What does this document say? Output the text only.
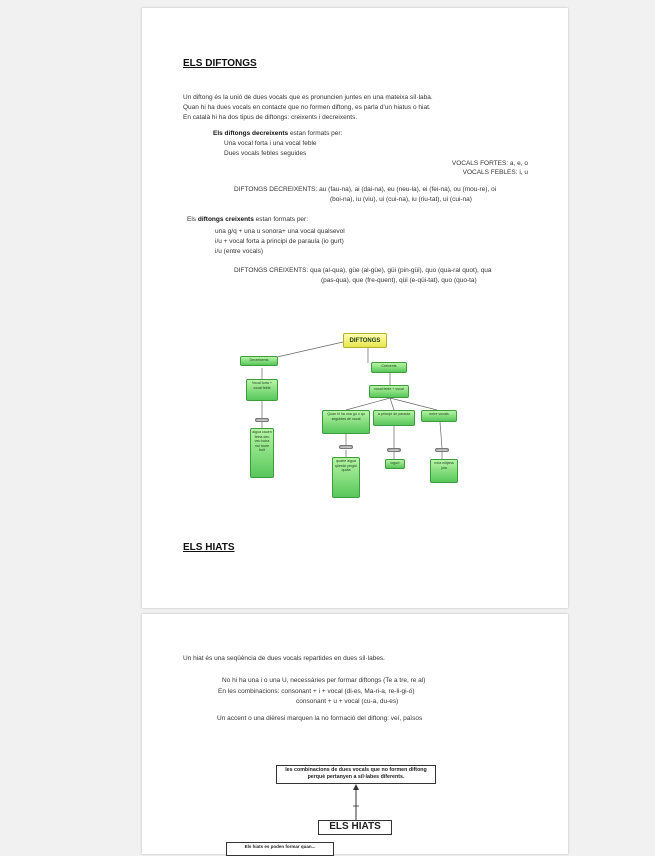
ELS DIFTONGS
Un diftong és la unió de dues vocals que es pronuncien juntes en una mateixa síl·laba.
Quan hi ha dues vocals en contacte que no formen diftong, es parla d'un hiatus o hiat.
En català hi ha dos tipus de diftongs: creixents i decreixents.
Els diftongs decreixents estan formats per:
Una vocal forta i una vocal feble
Dues vocals febles seguides
VOCALS FORTES: a, e, o
VOCALS FEBLES: i, u
DIFTONGS DECREIXENTS: au (fau-na), ai (dai-na), eu (neu-la), ei (fei-na), ou (mou-re), oi
(boi-na), iu (viu), ui (cui-na), iu (riu-tat), ui (cui-na)
Els diftongs creixents estan formats per:
una g/q + una u sonora+ una vocal qualsevol
i/u + vocal forta a principi de paraula (io gurt)
i/u (entre vocals)
DIFTONGS CREIXENTS: qua (al-qua), güe (al-güe), güi (pin-güi), quo (qua-ral quot), qua
(pas-qua), que (fre-quent), qüi (e-qüi-tat), quo (quo-ta)
DIFTONGS
Decreixents
Vocal forta + vocal feble
exemples
aigua cauen feina deu veu boira noi roure buit
Creixents
vocal feble + vocal
Quan hi ha una gu o qu seguides de vocal
a principi de paraula	entre vocals
exemples
exemple	exemples
quatre aigua qüestió pingüí quota
iogurt	noia mitjana joia
ELS HIATS
Un hiat és una seqüència de dues vocals repartides en dues síl·labes.
No hi ha una i o una U, necessàries per formar diftongs (Te a tre, re al)
En les combinacions: consonant + i + vocal (di-es, Ma-ri-a, re-li-gi-ó)
consonant + u + vocal (cu-a, du-es)
Un accent o una dièresi marquen la no formació del diftong: veí, països
les combinacions de dues vocals que no formen diftong perquè pertanyen a síl·labes diferents.
ELS HIATS
Els hiats es poden formar quan...
